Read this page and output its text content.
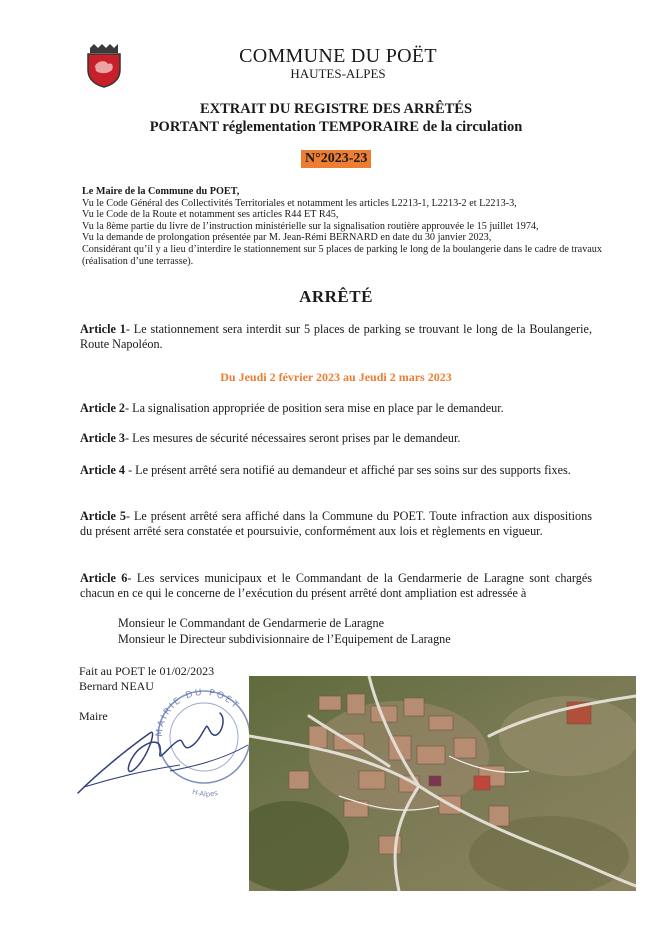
COMMUNE DU POËT
HAUTES-ALPES
EXTRAIT DU REGISTRE DES ARRÊTÉS
PORTANT réglementation TEMPORAIRE de la circulation
N°2023-23
Le Maire de la Commune du POET,
Vu le Code Général des Collectivités Territoriales et notamment les articles L2213-1, L2213-2 et L2213-3,
Vu le Code de la Route et notamment ses articles R44 ET R45,
Vu la 8ème partie du livre de l’instruction ministérielle sur la signalisation routière approuvée le 15 juillet 1974,
Vu la demande de prolongation présentée par M. Jean-Rémi BERNARD en date du 30 janvier 2023,
Considérant qu’il y a lieu d’interdire le stationnement sur 5 places de parking le long de la boulangerie dans le cadre de travaux (réalisation d’une terrasse).
ARRÊTÉ
Article 1- Le stationnement sera interdit sur 5 places de parking se trouvant le long de la Boulangerie, Route Napoléon.
Du Jeudi 2 février 2023 au Jeudi 2 mars 2023
Article 2- La signalisation appropriée de position sera mise en place par le demandeur.
Article 3- Les mesures de sécurité nécessaires seront prises par le demandeur.
Article 4 - Le présent arrêté sera notifié au demandeur et affiché par ses soins sur des supports fixes.
Article 5- Le présent arrêté sera affiché dans la Commune du POET. Toute infraction aux dispositions du présent arrêté sera constatée et poursuivie, conformément aux lois et règlements en vigueur.
Article 6- Les services municipaux et le Commandant de la Gendarmerie de Laragne sont chargés chacun en ce qui le concerne de l’exécution du présent arrêté dont ampliation est adressée à
Monsieur le Commandant de Gendarmerie de Laragne
Monsieur le Directeur subdivisionnaire de l’Equipement de Laragne
Fait au POET le 01/02/2023
Bernard NEAU
Maire
MAIRIE DU POET
H-Alpes
